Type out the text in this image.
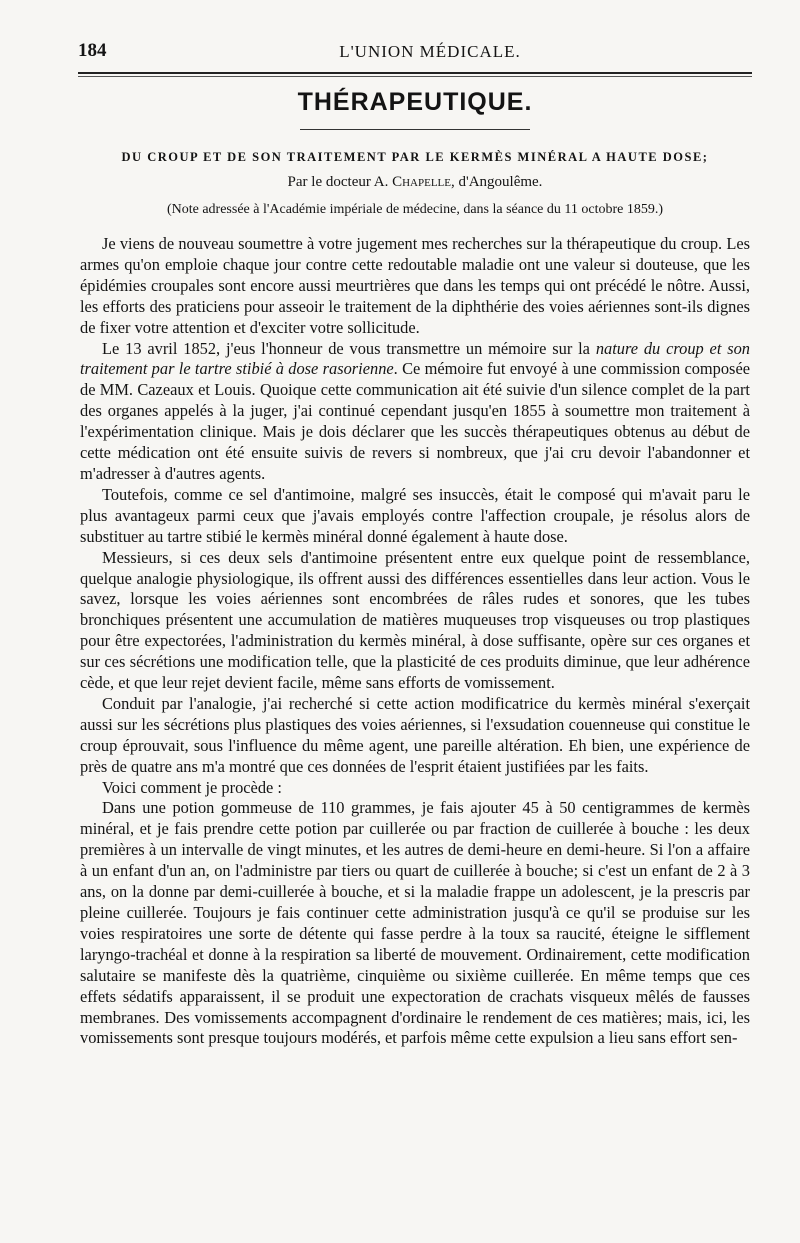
184	L'UNION MÉDICALE.
THÉRAPEUTIQUE.
DU CROUP ET DE SON TRAITEMENT PAR LE KERMÈS MINÉRAL A HAUTE DOSE;
Par le docteur A. Chapelle, d'Angoulême.
(Note adressée à l'Académie impériale de médecine, dans la séance du 11 octobre 1859.)

Je viens de nouveau soumettre à votre jugement mes recherches sur la thérapeutique du croup. Les armes qu'on emploie chaque jour contre cette redoutable maladie ont une valeur si douteuse, que les épidémies croupales sont encore aussi meurtrières que dans les temps qui ont précédé le nôtre. Aussi, les efforts des praticiens pour asseoir le traitement de la diphthérie des voies aériennes sont-ils dignes de fixer votre attention et d'exciter votre sollicitude.

Le 13 avril 1852, j'eus l'honneur de vous transmettre un mémoire sur la nature du croup et son traitement par le tartre stibié à dose rasorienne. Ce mémoire fut envoyé à une commission composée de MM. Cazeaux et Louis. Quoique cette communication ait été suivie d'un silence complet de la part des organes appelés à la juger, j'ai continué cependant jusqu'en 1855 à soumettre mon traitement à l'expérimentation clinique. Mais je dois déclarer que les succès thérapeutiques obtenus au début de cette médication ont été ensuite suivis de revers si nombreux, que j'ai cru devoir l'abandonner et m'adresser à d'autres agents.

Toutefois, comme ce sel d'antimoine, malgré ses insuccès, était le composé qui m'avait paru le plus avantageux parmi ceux que j'avais employés contre l'affection croupale, je résolus alors de substituer au tartre stibié le kermès minéral donné également à haute dose.

Messieurs, si ces deux sels d'antimoine présentent entre eux quelque point de ressemblance, quelque analogie physiologique, ils offrent aussi des différences essentielles dans leur action. Vous le savez, lorsque les voies aériennes sont encombrées de râles rudes et sonores, que les tubes bronchiques présentent une accumulation de matières muqueuses trop visqueuses ou trop plastiques pour être expectorées, l'administration du kermès minéral, à dose suffisante, opère sur ces organes et sur ces sécrétions une modification telle, que la plasticité de ces produits diminue, que leur adhérence cède, et que leur rejet devient facile, même sans efforts de vomissement.

Conduit par l'analogie, j'ai recherché si cette action modificatrice du kermès minéral s'exerçait aussi sur les sécrétions plus plastiques des voies aériennes, si l'exsudation couenneuse qui constitue le croup éprouvait, sous l'influence du même agent, une pareille altération. Eh bien, une expérience de près de quatre ans m'a montré que ces données de l'esprit étaient justifiées par les faits.

Voici comment je procède :

Dans une potion gommeuse de 110 grammes, je fais ajouter 45 à 50 centigrammes de kermès minéral, et je fais prendre cette potion par cuillerée ou par fraction de cuillerée à bouche : les deux premières à un intervalle de vingt minutes, et les autres de demi-heure en demi-heure. Si l'on a affaire à un enfant d'un an, on l'administre par tiers ou quart de cuillerée à bouche; si c'est un enfant de 2 à 3 ans, on la donne par demi-cuillerée à bouche, et si la maladie frappe un adolescent, je la prescris par pleine cuillerée. Toujours je fais continuer cette administration jusqu'à ce qu'il se produise sur les voies respiratoires une sorte de détente qui fasse perdre à la toux sa raucité, éteigne le sifflement laryngo-trachéal et donne à la respiration sa liberté de mouvement. Ordinairement, cette modification salutaire se manifeste dès la quatrième, cinquième ou sixième cuillerée. En même temps que ces effets sédatifs apparaissent, il se produit une expectoration de crachats visqueux mêlés de fausses membranes. Des vomissements accompagnent d'ordinaire le rendement de ces matières; mais, ici, les vomissements sont presque toujours modérés, et parfois même cette expulsion a lieu sans effort sen-
